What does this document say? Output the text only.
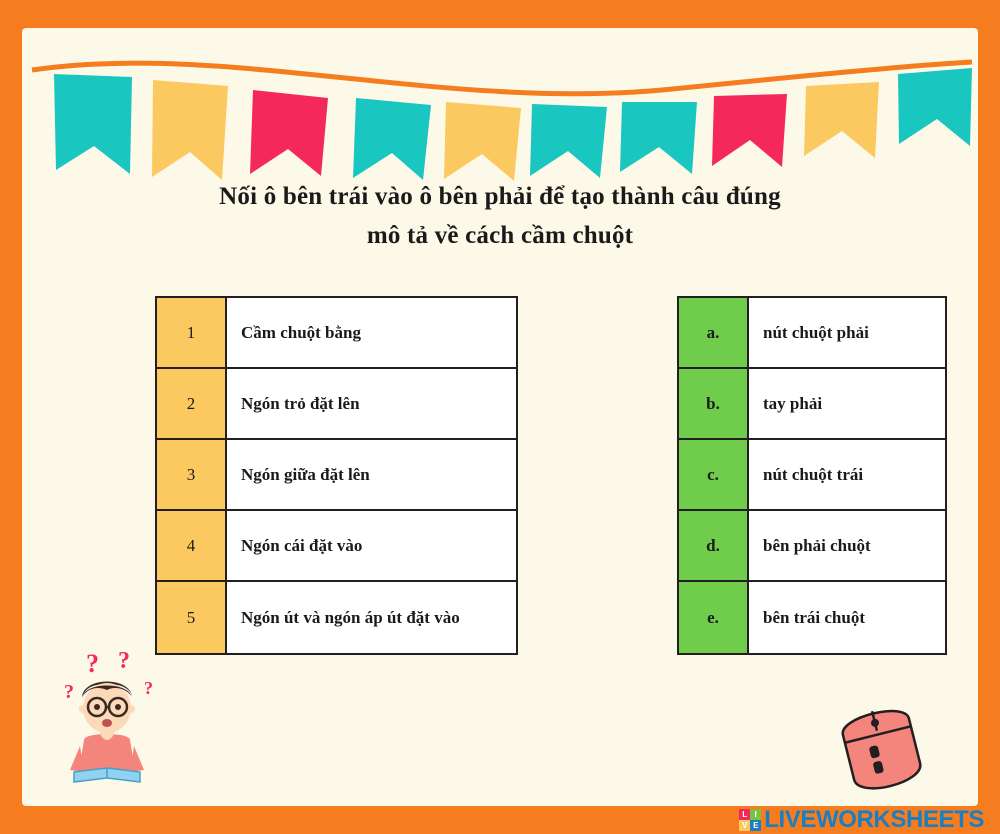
Nối ô bên trái vào ô bên phải để tạo thành câu đúng
mô tả về cách cầm chuột
1	Cầm chuột bằng
2	Ngón trỏ đặt lên
3	Ngón giữa đặt lên
4	Ngón cái đặt vào
5	Ngón út và ngón áp út đặt vào
a.	nút chuột phải
b.	tay phải
c.	nút chuột trái
d.	bên phải chuột
e.	bên trái chuột
? ?
?	?
L I
V E LIVEWORKSHEETS
